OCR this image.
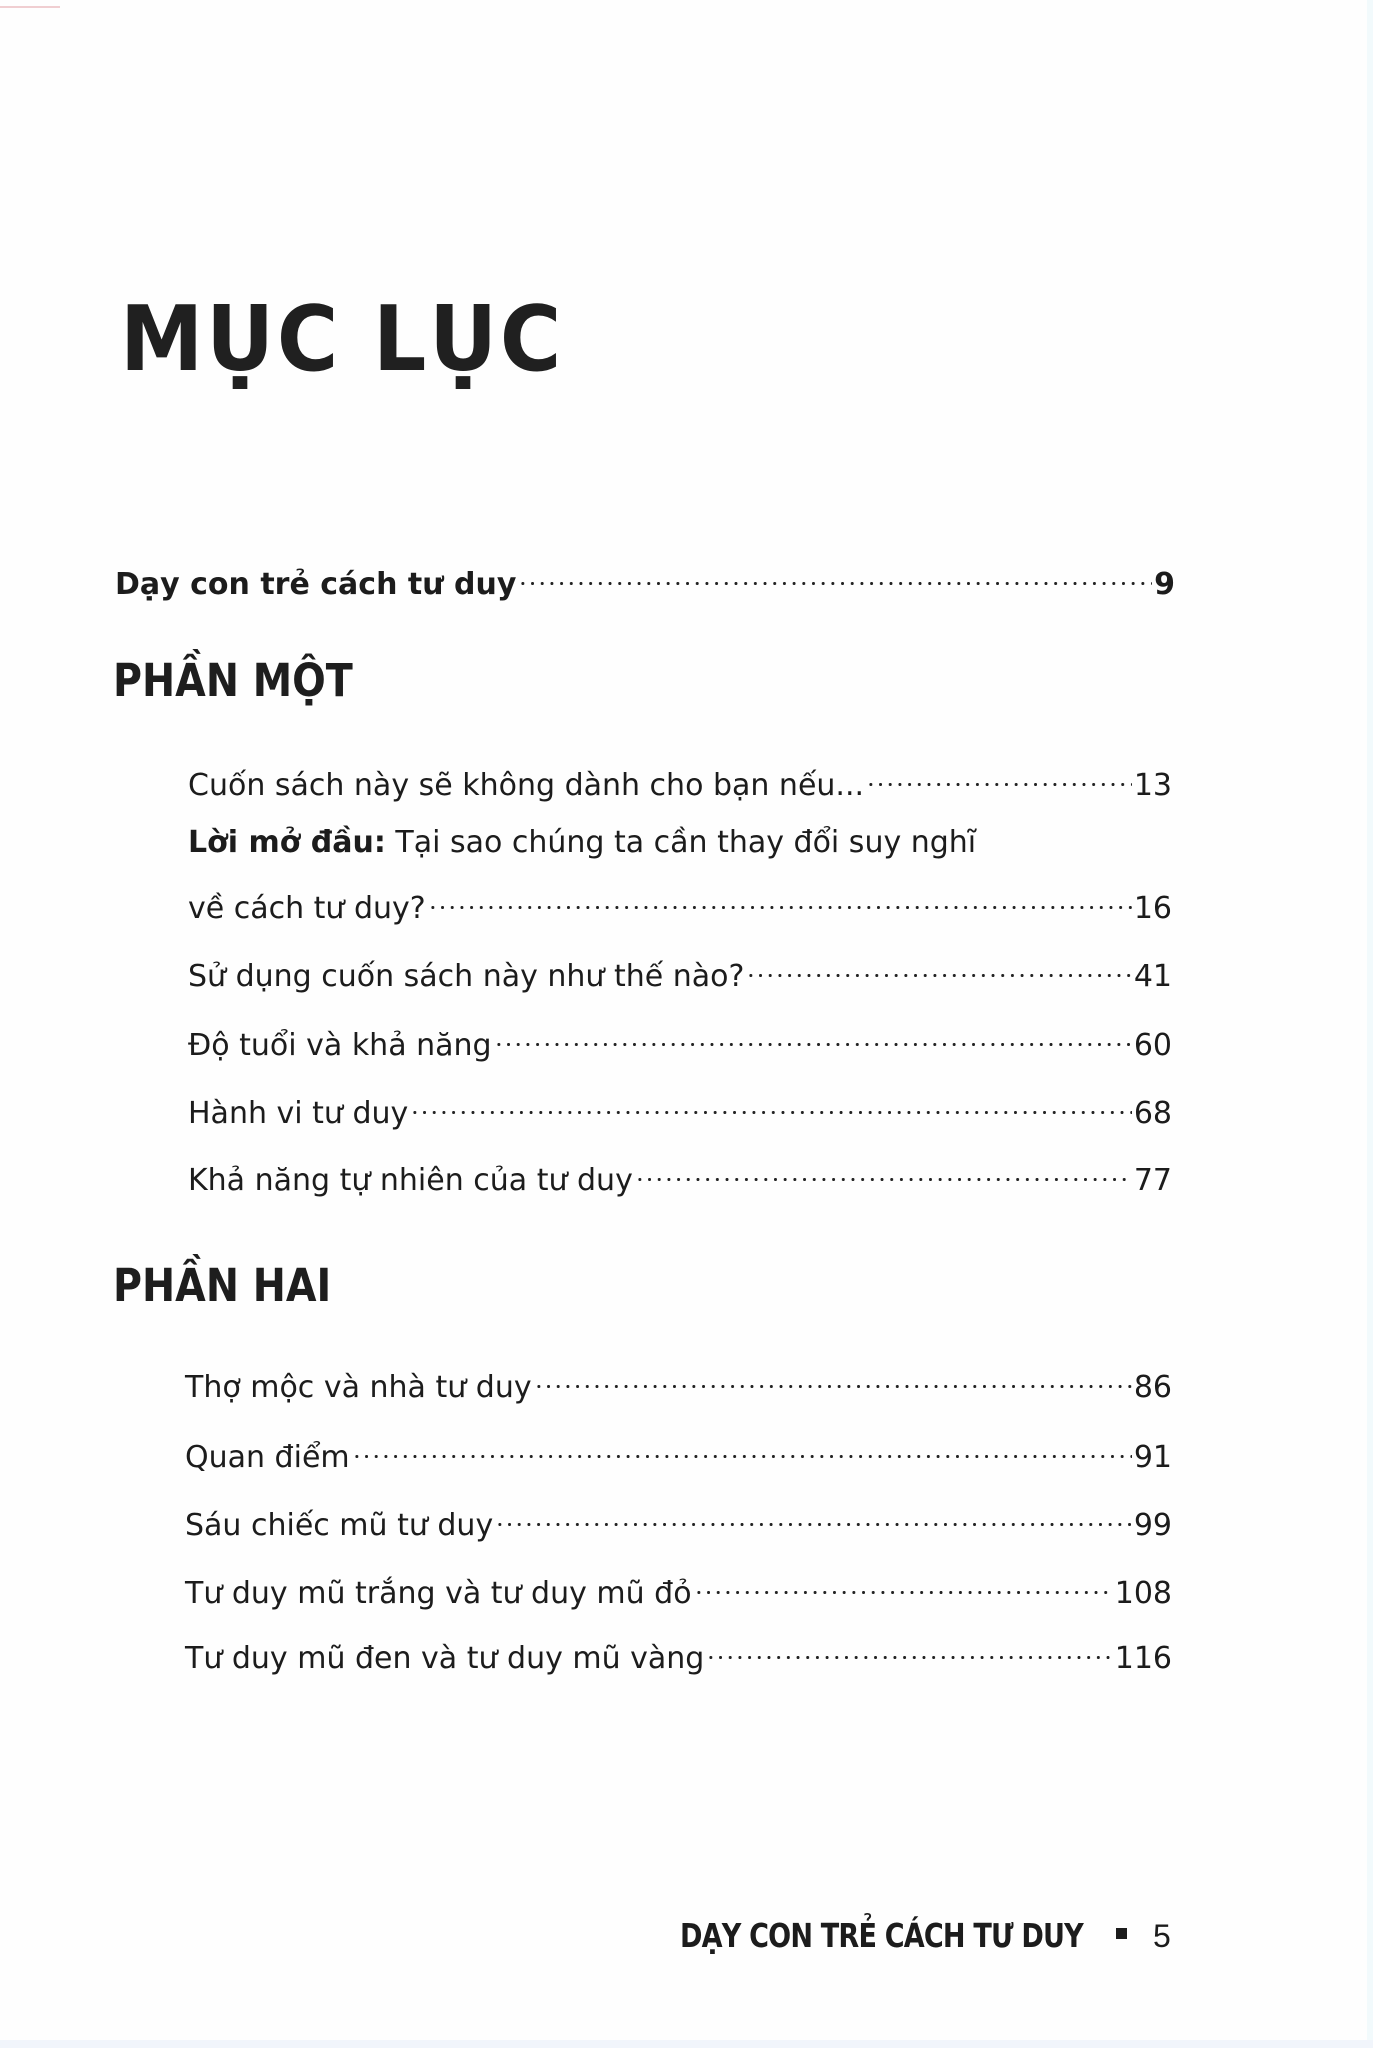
MỤC LỤC
Dạy con trẻ cách tư duy	9
PHẦN MỘT
Cuốn sách này sẽ không dành cho bạn nếu...	13
Lời mở đầu: Tại sao chúng ta cần thay đổi suy nghĩ
về cách tư duy?	16
Sử dụng cuốn sách này như thế nào?	41
Độ tuổi và khả năng	60
Hành vi tư duy	68
Khả năng tự nhiên của tư duy	77
PHẦN HAI
Thợ mộc và nhà tư duy	86
Quan điểm	91
Sáu chiếc mũ tư duy	99
Tư duy mũ trắng và tư duy mũ đỏ	108
Tư duy mũ đen và tư duy mũ vàng	116
DẠY CON TRẺ CÁCH TƯ DUY 5
